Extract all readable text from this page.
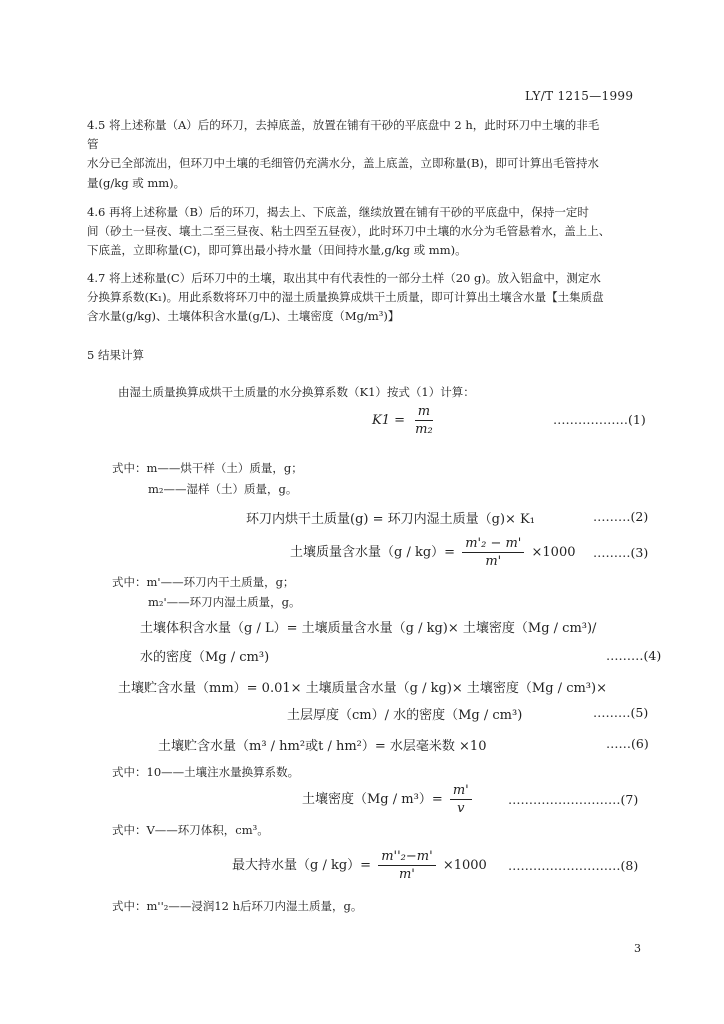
LY/T 1215—1999
4.5 将上述称量（A）后的环刀，去掉底盖，放置在铺有干砂的平底盘中 2 h，此时环刀中土壤的非毛
管
水分已全部流出，但环刀中土壤的毛细管仍充满水分，盖上底盖，立即称量(B)，即可计算出毛管持水
量(g/kg 或 mm)。
4.6 再将上述称量（B）后的环刀，揭去上、下底盖，继续放置在铺有干砂的平底盘中，保持一定时
间（砂土一昼夜、壤土二至三昼夜、粘土四至五昼夜），此时环刀中土壤的水分为毛管悬着水，盖上上、
下底盖，立即称量(C)，即可算出最小持水量（田间持水量,g/kg 或 mm)。
4.7 将上述称量(C）后环刀中的土壤，取出其中有代表性的一部分土样（20 g)。放入铝盒中，测定水
分换算系数(K₁)。用此系数将环刀中的湿土质量换算成烘干土质量，即可计算出土壤含水量【土集质盘
含水量(g/kg)、土壤体积含水量(g/L)、土壤密度（Mg/m³)】
5 结果计算
由湿土质量换算成烘干土质量的水分换算系数（K1）按式（1）计算：
$K1 = \frac{m}{\text{m₂}}$	………………(1)
式中：m——烘干样（土）质量，g；
m₂——湿样（土）质量，g。
环刀内烘干土质量(g) = 环刀内湿土质量（g)× K₁	………(2)
土壤质量含水量$(g / kg)= \frac{\text{m'₂ − m'}}{m'} \times 1000$ ………(3)
式中：m'——环刀内干土质量，g；
m₂'——环刀内湿土质量，g。
土壤体积含水量（g / L）= 土壤质量含水量（g / kg)× 土壤密度（Mg / cm³)/
水的密度（Mg / cm³)	………(4)
土壤贮含水量（mm）= 0.01× 土壤质量含水量（g / kg)× 土壤密度（Mg / cm³)×
土层厚度（cm）/ 水的密度（Mg / cm³)	………(5)
土壤贮含水量（m³ / hm²或t / hm²）= 水层毫米数 ×10	……(6)
式中：10——土壤注水量换算系数。
土壤密度$(Mg / m^3)= \frac{m'}{v}$	………………………(7)
式中：V——环刀体积，cm³。
最大持水量$(g / kg)= \frac{\text{m''₂−m'}}{m'} \times 1000$ ………………………(8)
式中：m''₂——浸润12 h后环刀内湿土质量，g。
3
